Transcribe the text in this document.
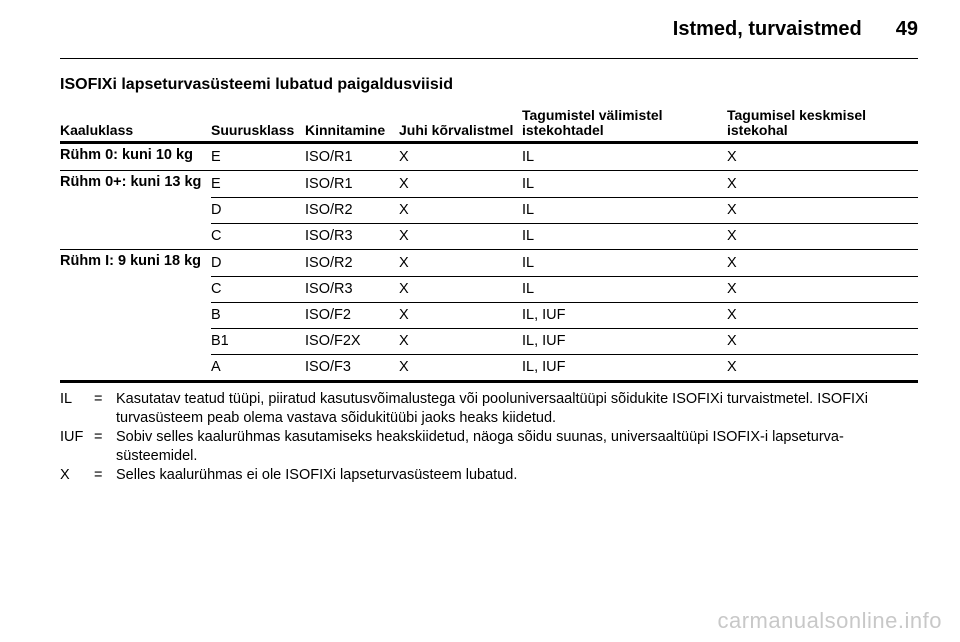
Istmed, turvaistmed 49
ISOFIXi lapseturvasüsteemi lubatud paigaldusviisid
Kaaluklass	Suurusklass	Kinnitamine	Juhi kõrvalistmel	Tagumistel välimistel istekohtadel	Tagumisel keskmisel istekohal
Rühm 0: kuni 10 kg	E	ISO/R1	X	IL	X
Rühm 0+: kuni 13 kg	E	ISO/R1	X	IL	X
	D	ISO/R2	X	IL	X
	C	ISO/R3	X	IL	X
Rühm I: 9 kuni 18 kg	D	ISO/R2	X	IL	X
	C	ISO/R3	X	IL	X
	B	ISO/F2	X	IL, IUF	X
	B1	ISO/F2X	X	IL, IUF	X
	A	ISO/F3	X	IL, IUF	X
IL	= Kasutatav teatud tüüpi, piiratud kasutusvõimalustega või pooluniversaaltüüpi sõidukite ISOFIXi turvaistmetel. ISOFIXi turvasüsteem peab olema vastava sõidukitüübi jaoks heaks kiidetud.
IUF = Sobiv selles kaalurühmas kasutamiseks heakskiidetud, näoga sõidu suunas, universaaltüüpi ISOFIX-i lapseturva-süsteemidel.
X	= Selles kaalurühmas ei ole ISOFIXi lapseturvasüsteem lubatud.
carmanualsonline.info
